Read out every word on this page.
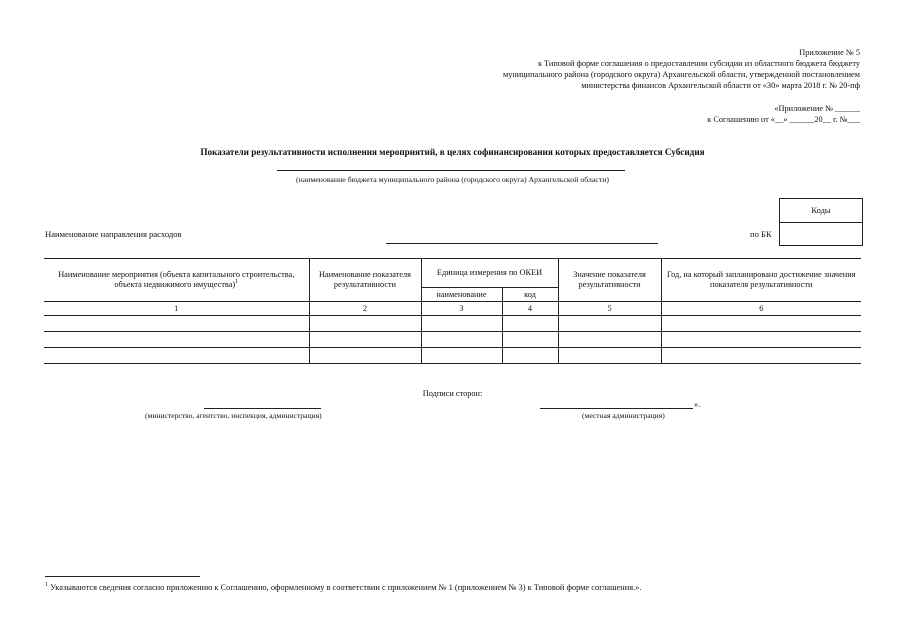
Приложение № 5
к Типовой форме соглашения о предоставлении субсидии из областного бюджета бюджету
муниципального района (городского округа) Архангельской области, утвержденной постановлением
министерства финансов Архангельской области от «30» марта 2018 г. № 20-пф
«Приложение № ______
к Соглашению от «__» ______20__ г. №___
Показатели результативности исполнения мероприятий, в целях софинансирования которых предоставляется Субсидия
(наименование бюджета муниципального района (городского округа) Архангельской области)
Коды
Наименование направления расходов	по БК
Наименование мероприятия (объекта капитального строительства, объекта недвижимого имущества)$^1$	Наименование показателя результативности	Единица измерения по ОКЕИ		Значение показателя результативности	Год, на который запланировано достижение значения показателя результативности
		наименование	код		
1	2	3	4	5	6

Подписи сторон:
».
(министерство, агентство, инспекция, администрация)	(местная администрация)
$^1$ Указываются сведения согласно приложению к Соглашению, оформленному в соответствии с приложением № 1 (приложением № 3) к Типовой форме соглашения.».
